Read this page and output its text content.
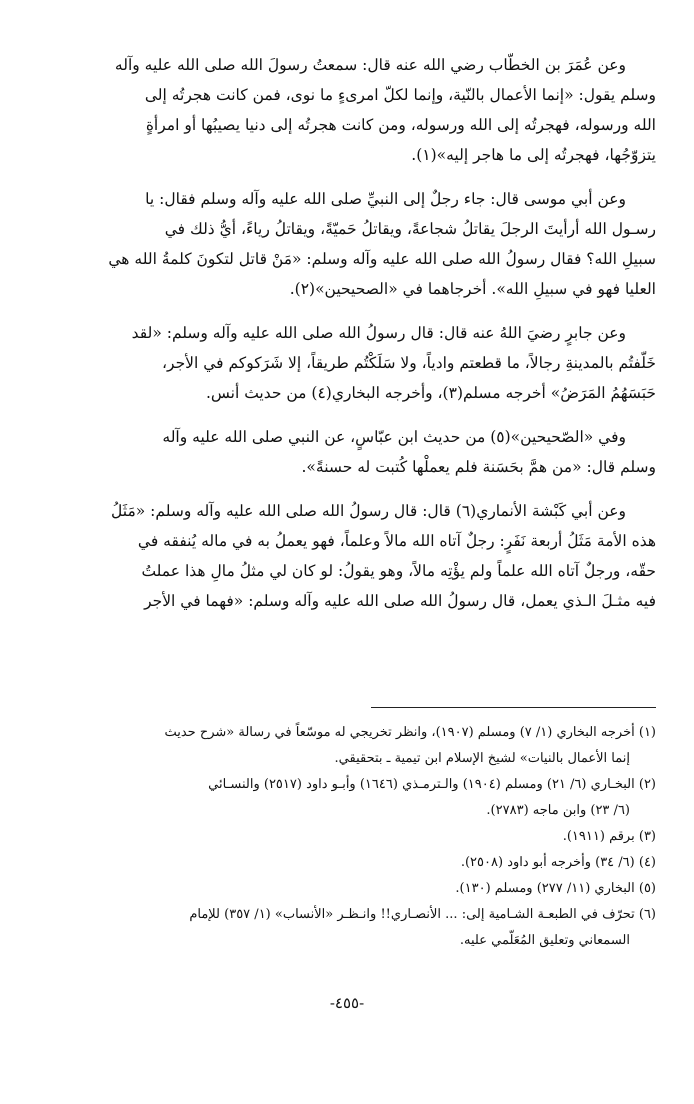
وعن عُمَرَ بن الخطّاب رضي الله عنه قال: سمعتُ رسولَ الله صلى الله عليه وآله
وسلم يقول: «إنما الأعمال بالنّية، وإنما لكلّ امرىءٍ ما نوى، فمن كانت هجرتُه إلى
الله ورسوله، فهجرتُه إلى الله ورسوله، ومن كانت هجرتُه إلى دنيا يصيبُها أو امرأةٍ
يتزوّجُها، فهجرتُه إلى ما هاجر إليه»(١).

وعن أبي موسى قال: جاء رجلٌ إلى النبيِّ صلى الله عليه وآله وسلم فقال: يا
رسـول الله أرأيتَ الرجلَ يقاتلُ شجاعةً، ويقاتلُ حَميّةً، ويقاتلُ رياءً، أيُّ ذلك في
سبيلِ الله؟ فقال رسولُ الله صلى الله عليه وآله وسلم: «مَنْ قاتل لتكونَ كلمةُ الله هي
العليا فهو في سبيلِ الله». أخرجاهما في «الصحيحين»(٢).

وعن جابرٍ رضيَ اللهُ عنه قال: قال رسولُ الله صلى الله عليه وآله وسلم: «لقد
خَلّفتُم بالمدينةِ رجالاً، ما قطعتم وادياً، ولا سَلَكْتُم طريقاً، إلا شَرَكوكم في الأجر،
حَبَسَهُمُ المَرَضُ» أخرجه مسلم(٣)، وأخرجه البخاري(٤) من حديث أنس.

وفي «الصّحيحين»(٥) من حديث ابن عبّاسٍ، عن النبي صلى الله عليه وآله
وسلم قال: «من همَّ بحَسَنة فلم يعملْها كُتبت له حسنةً».

وعن أبي كَبْشة الأنماري(٦) قال: قال رسولُ الله صلى الله عليه وآله وسلم: «مَثَلُ
هذه الأمة مَثَلُ أربعة نَفَرٍ: رجلٌ آتاه الله مالاً وعلماً، فهو يعملُ به في ماله يُنفقه في
حقّه، ورجلٌ آتاه الله علماً ولم يؤْتِه مالاً، وهو يقولُ: لو كان لي مثلُ مالِ هذا عملتُ
فيه مثـلَ الـذي يعمل، قال رسولُ الله صلى الله عليه وآله وسلم: «فهما في الأجر

(١) أخرجه البخاري (١/ ٧) ومسلم (١٩٠٧)، وانظر تخريجي له موسّعاً في رسالة «شرح حديث
إنما الأعمال بالنيات» لشيخ الإسلام ابن تيمية ـ بتحقيقي.

(٢) البخـاري (٦/ ٢١) ومسلم (١٩٠٤) والـترمـذي (١٦٤٦) وأبـو داود (٢٥١٧) والنسـائي
(٦/ ٢٣) وابن ماجه (٢٧٨٣).

(٣) برقم (١٩١١).

(٤) (٦/ ٣٤) وأخرجه أبو داود (٢٥٠٨).

(٥) البخاري (١١/ ٢٧٧) ومسلم (١٣٠).

(٦) تحرّف في الطبعـة الشـامية إلى: ... الأنصـاري!! وانـظـر «الأنساب» (١/ ٣٥٧) للإمام
السمعاني وتعليق المُعَلّمي عليه.

-٤٥٥-
